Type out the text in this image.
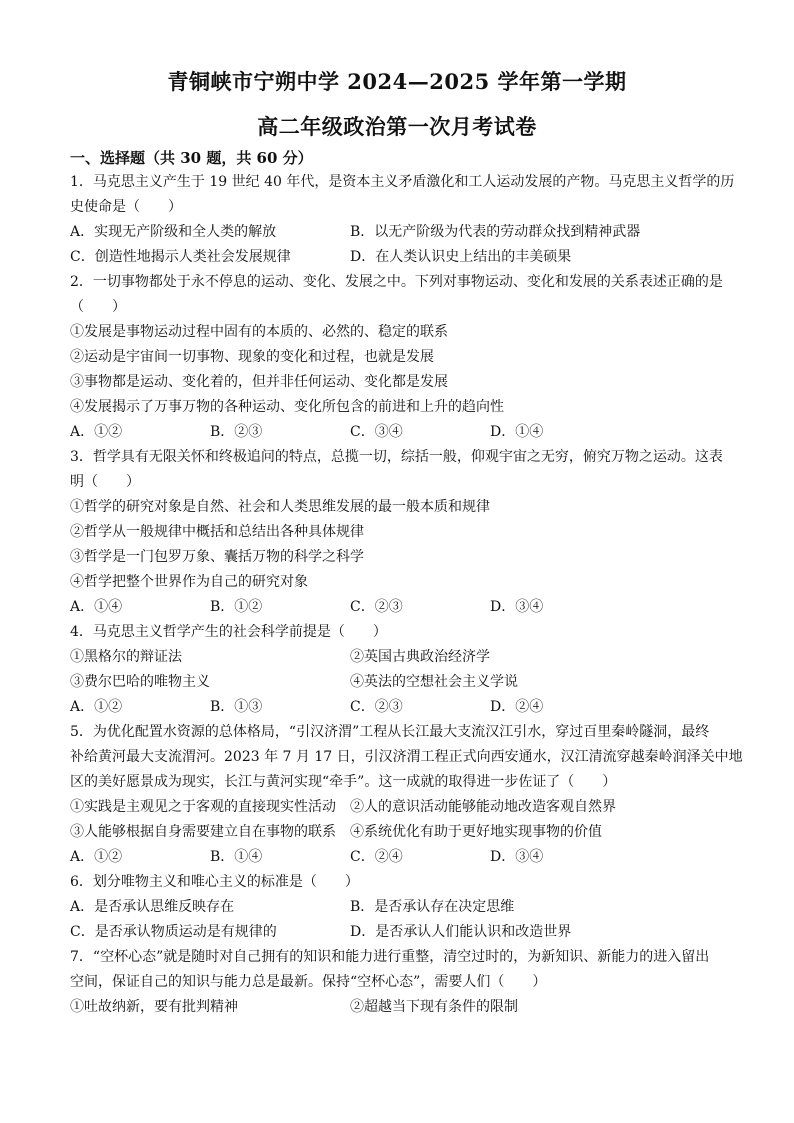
青铜峡市宁朔中学 2024—2025 学年第一学期
高二年级政治第一次月考试卷
一、选择题（共 30 题，共 60 分）
1．马克思主义产生于 19 世纪 40 年代，是资本主义矛盾激化和工人运动发展的产物。马克思主义哲学的历
史使命是（　　）
A．实现无产阶级和全人类的解放	B．以无产阶级为代表的劳动群众找到精神武器
C．创造性地揭示人类社会发展规律	D．在人类认识史上结出的丰美硕果
2．一切事物都处于永不停息的运动、变化、发展之中。下列对事物运动、变化和发展的关系表述正确的是
（　　）
①发展是事物运动过程中固有的本质的、必然的、稳定的联系
②运动是宇宙间一切事物、现象的变化和过程，也就是发展
③事物都是运动、变化着的，但并非任何运动、变化都是发展
④发展揭示了万事万物的各种运动、变化所包含的前进和上升的趋向性
A．①②	B．②③	C．③④	D．①④
3．哲学具有无限关怀和终极追问的特点，总揽一切，综括一般，仰观宇宙之无穷，俯究万物之运动。这表
明（　　）
①哲学的研究对象是自然、社会和人类思维发展的最一般本质和规律
②哲学从一般规律中概括和总结出各种具体规律
③哲学是一门包罗万象、囊括万物的科学之科学
④哲学把整个世界作为自己的研究对象
A．①④	B．①②	C．②③	D．③④
4．马克思主义哲学产生的社会科学前提是（　　）
①黑格尔的辩证法	②英国古典政治经济学
③费尔巴哈的唯物主义	④英法的空想社会主义学说
A．①②	B．①③	C．②③	D．②④
5．为优化配置水资源的总体格局，“引汉济渭”工程从长江最大支流汉江引水，穿过百里秦岭隧洞，最终
补给黄河最大支流渭河。2023 年 7 月 17 日，引汉济渭工程正式向西安通水，汉江清流穿越秦岭润泽关中地
区的美好愿景成为现实，长江与黄河实现“牵手”。这一成就的取得进一步佐证了（　　）
①实践是主观见之于客观的直接现实性活动	②人的意识活动能够能动地改造客观自然界
③人能够根据自身需要建立自在事物的联系	④系统优化有助于更好地实现事物的价值
A．①②	B．①④	C．②④	D．③④
6．划分唯物主义和唯心主义的标准是（　　）
A．是否承认思维反映存在	B．是否承认存在决定思维
C．是否承认物质运动是有规律的	D．是否承认人们能认识和改造世界
7．“空杯心态”就是随时对自己拥有的知识和能力进行重整，清空过时的，为新知识、新能力的进入留出
空间，保证自己的知识与能力总是最新。保持“空杯心态”，需要人们（　　）
①吐故纳新，要有批判精神	②超越当下现有条件的限制
